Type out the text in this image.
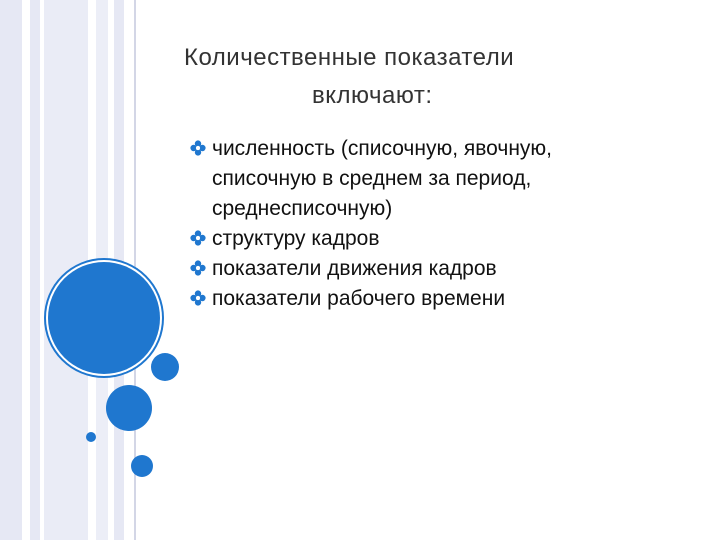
Количественные показатели
включают:
численность (списочную, явочную, списочную в среднем за период, среднесписочную)
структуру кадров
показатели движения кадров
показатели рабочего времени
